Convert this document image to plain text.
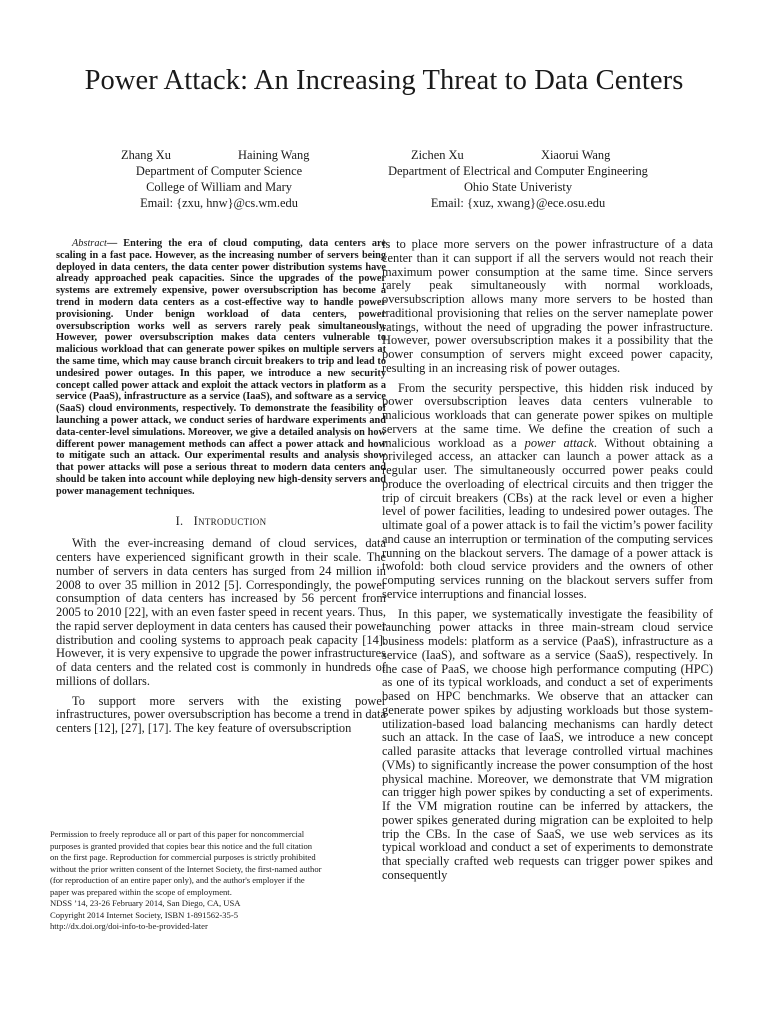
Power Attack: An Increasing Threat to Data Centers
Zhang Xu	Haining Wang
Department of Computer Science
College of William and Mary
Email: {zxu, hnw}@cs.wm.edu
Zichen Xu	Xiaorui Wang
Department of Electrical and Computer Engineering
Ohio State Univeristy
Email: {xuz, xwang}@ece.osu.edu

Abstract— Entering the era of cloud computing, data centers are scaling in a fast pace. However, as the increasing number of servers being deployed in data centers, the data center power distribution systems have already approached peak capacities. Since the upgrades of the power systems are extremely expensive, power oversubscription has become a trend in modern data centers as a cost-effective way to handle power provisioning. Under benign workload of data centers, power oversubscription works well as servers rarely peak simultaneously. However, power oversubscription makes data centers vulnerable to malicious workload that can generate power spikes on multiple servers at the same time, which may cause branch circuit breakers to trip and lead to undesired power outages. In this paper, we introduce a new security concept called power attack and exploit the attack vectors in platform as a service (PaaS), infrastructure as a service (IaaS), and software as a service (SaaS) cloud environments, respectively. To demonstrate the feasibility of launching a power attack, we conduct series of hardware experiments and data-center-level simulations. Moreover, we give a detailed analysis on how different power management methods can affect a power attack and how to mitigate such an attack. Our experimental results and analysis show that power attacks will pose a serious threat to modern data centers and should be taken into account while deploying new high-density servers and power management techniques.

I. Introduction

With the ever-increasing demand of cloud services, data centers have experienced significant growth in their scale. The number of servers in data centers has surged from 24 million in 2008 to over 35 million in 2012 [5]. Correspondingly, the power consumption of data centers has increased by 56 percent from 2005 to 2010 [22], with an even faster speed in recent years. Thus, the rapid server deployment in data centers has caused their power distribution and cooling systems to approach peak capacity [14]. However, it is very expensive to upgrade the power infrastructures of data centers and the related cost is commonly in hundreds of millions of dollars.

To support more servers with the existing power infrastructures, power oversubscription has become a trend in data centers [12], [27], [17]. The key feature of oversubscription

Permission to freely reproduce all or part of this paper for noncommercial
purposes is granted provided that copies bear this notice and the full citation
on the first page. Reproduction for commercial purposes is strictly prohibited
without the prior written consent of the Internet Society, the first-named author
(for reproduction of an entire paper only), and the author's employer if the
paper was prepared within the scope of employment.
NDSS ’14, 23-26 February 2014, San Diego, CA, USA
Copyright 2014 Internet Society, ISBN 1-891562-35-5
http://dx.doi.org/doi-info-to-be-provided-later

is to place more servers on the power infrastructure of a data center than it can support if all the servers would not reach their maximum power consumption at the same time. Since servers rarely peak simultaneously with normal workloads, oversubscription allows many more servers to be hosted than traditional provisioning that relies on the server nameplate power ratings, without the need of upgrading the power infrastructure. However, power oversubscription makes it a possibility that the power consumption of servers might exceed power capacity, resulting in an increasing risk of power outages.

From the security perspective, this hidden risk induced by power oversubscription leaves data centers vulnerable to malicious workloads that can generate power spikes on multiple servers at the same time. We define the creation of such a malicious workload as a power attack. Without obtaining a privileged access, an attacker can launch a power attack as a regular user. The simultaneously occurred power peaks could produce the overloading of electrical circuits and then trigger the trip of circuit breakers (CBs) at the rack level or even a higher level of power facilities, leading to undesired power outages. The ultimate goal of a power attack is to fail the victim’s power facility and cause an interruption or termination of the computing services running on the blackout servers. The damage of a power attack is twofold: both cloud service providers and the owners of other computing services running on the blackout servers suffer from service interruptions and financial losses.

In this paper, we systematically investigate the feasibility of launching power attacks in three main-stream cloud service business models: platform as a service (PaaS), infrastructure as a service (IaaS), and software as a service (SaaS), respectively. In the case of PaaS, we choose high performance computing (HPC) as one of its typical workloads, and conduct a set of experiments based on HPC benchmarks. We observe that an attacker can generate power spikes by adjusting workloads but those system-utilization-based load balancing mechanisms can hardly detect such an attack. In the case of IaaS, we introduce a new concept called parasite attacks that leverage controlled virtual machines (VMs) to significantly increase the power consumption of the host physical machine. Moreover, we demonstrate that VM migration can trigger high power spikes by conducting a set of experiments. If the VM migration routine can be inferred by attackers, the power spikes generated during migration can be exploited to help trip the CBs. In the case of SaaS, we use web services as its typical workload and conduct a set of experiments to demonstrate that specially crafted web requests can trigger power spikes and consequently
